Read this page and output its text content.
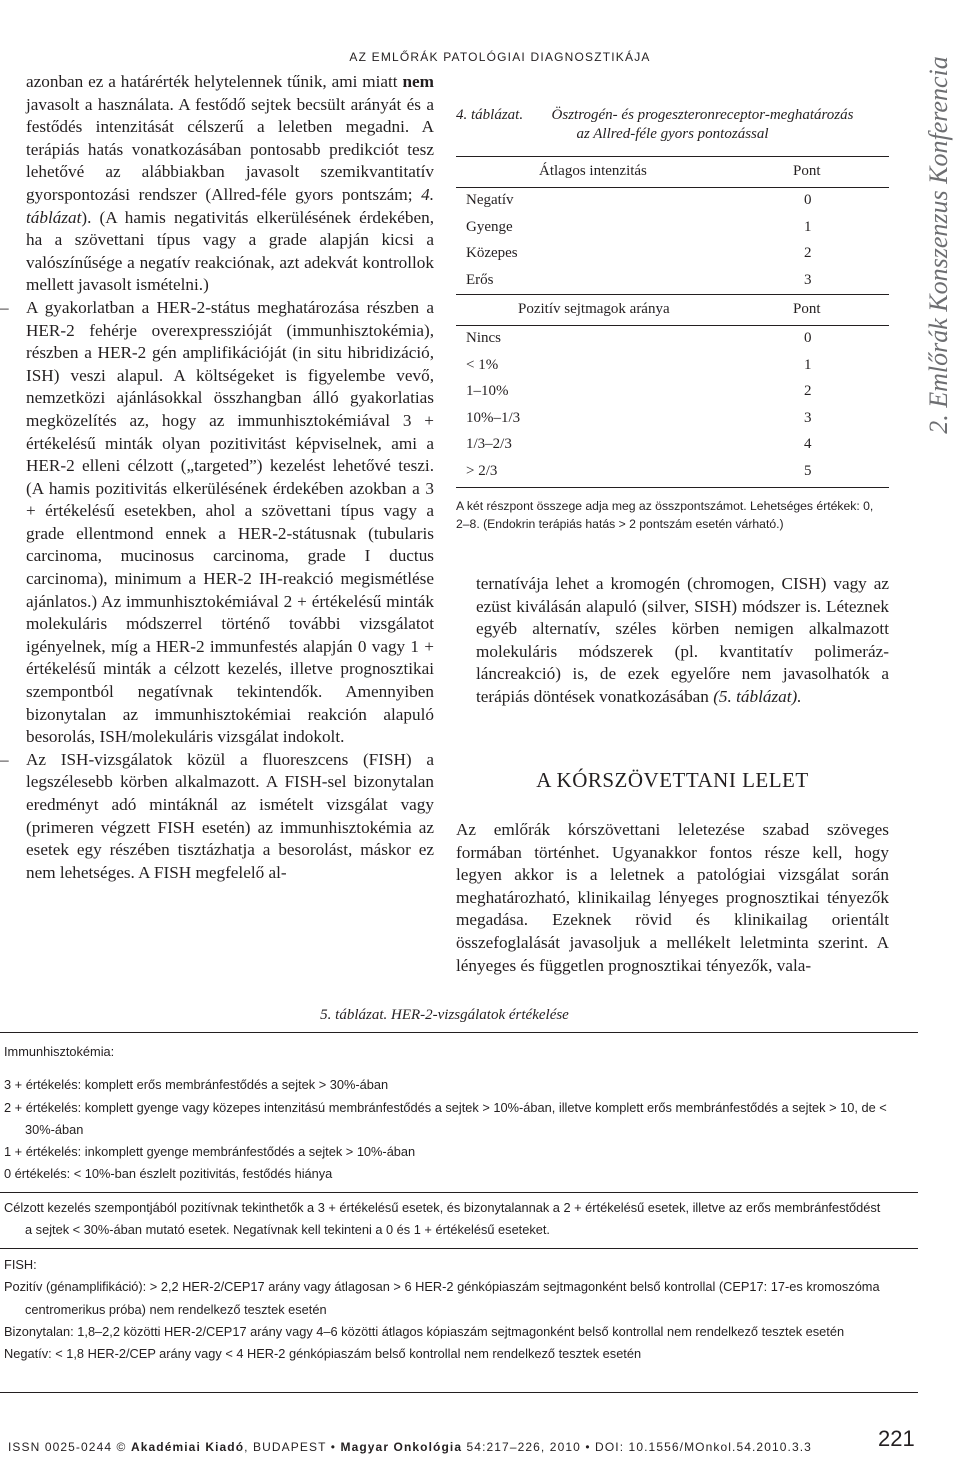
AZ EMLŐRÁK PATOLÓGIAI DIAGNOSZTIKÁJA	2. Emlőrák Konszenzus Konferencia

azonban ez a határérték helytelennek tűnik, ami miatt nem javasolt a használata. A festődő sejtek becsült arányát és a festődés intenzitását célszerű a leletben megadni. A terápiás hatás vonatkozásában pontosabb predikciót tesz lehetővé az alábbiakban javasolt szemikvantitatív gyorspontozási rendszer (Allred-féle gyors pontszám; 4. táblázat). (A hamis negativitás elkerülésének érdekében, ha a szövettani típus vagy a grade alapján kicsi a valószínűsége a negatív reakciónak, azt adekvát kontrollok mellett javasolt ismételni.)

– A gyakorlatban a HER-2-státus meghatározása részben a HER-2 fehérje overexpresszióját (immunhisztokémia), részben a HER-2 gén amplifikációját (in situ hibridizáció, ISH) veszi alapul. A költségeket is figyelembe vevő, nemzetközi ajánlásokkal összhangban álló gyakorlatias megközelítés az, hogy az immunhisztokémiával 3 + értékelésű minták olyan pozitivitást képviselnek, ami a HER-2 elleni célzott („targeted”) kezelést lehetővé teszi. (A hamis pozitivitás elkerülésének érdekében azokban a 3 + értékelésű esetekben, ahol a szövettani típus vagy a grade ellentmond ennek a HER-2-státusnak (tubularis carcinoma, mucinosus carcinoma, grade I ductus carcinoma), minimum a HER-2 IH-reakció megismétlése ajánlatos.) Az immunhisztokémiával 2 + értékelésű minták molekuláris módszerrel történő további vizsgálatot igényelnek, míg a HER-2 immunfestés alapján 0 vagy 1 + értékelésű minták a célzott kezelés, illetve prognosztikai szempontból negatívnak tekintendők. Amennyiben bizonytalan az immunhisztokémiai reakción alapuló besorolás, ISH/molekuláris vizsgálat indokolt.

– Az ISH-vizsgálatok közül a fluoreszcens (FISH) a legszélesebb körben alkalmazott. A FISH-sel bizonytalan eredményt adó mintáknál az ismételt vizsgálat vagy (primeren végzett FISH esetén) az immunhisztokémia az esetek egy részében tisztázhatja a besorolást, máskor ez nem lehetséges. A FISH megfelelő al-

4. táblázat.	Ösztrogén- és progeszteronreceptor-meghatározás
az Allred-féle gyors pontozással
Átlagos intenzitás	Pont
Negatív	0
Gyenge	1
Közepes	2
Erős	3
Pozitív sejtmagok aránya	Pont
Nincs	0
< 1%	1
1–10%	2
10%–1/3	3
1/3–2/3	4
> 2/3	5
A két részpont összege adja meg az összpontszámot. Lehetséges értékek: 0, 2–8. (Endokrin terápiás hatás > 2 pontszám esetén várható.)

ternatívája lehet a kromogén (chromogen, CISH) vagy az ezüst kiválásán alapuló (silver, SISH) módszer is. Léteznek egyéb alternatív, széles körben nemigen alkalmazott molekuláris módszerek (pl. kvantitatív polimeráz-láncreakció) is, de ezek egyelőre nem javasolhatók a terápiás döntések vonatkozásában (5. táblázat).

A KÓRSZÖVETTANI LELET

Az emlőrák kórszövettani leletezése szabad szöveges formában történhet. Ugyanakkor fontos része kell, hogy legyen akkor is a leletnek a patológiai vizsgálat során meghatározható, klinikailag lényeges prognosztikai tényezők megadása. Ezeknek rövid és klinikailag orientált összefoglalását javasoljuk a mellékelt leletminta szerint. A lényeges és független prognosztikai tényezők, vala-

5. táblázat. HER-2-vizsgálatok értékelése

Immunhisztokémia:

3 + értékelés: komplett erős membránfestődés a sejtek > 30%-ában

2 + értékelés: komplett gyenge vagy közepes intenzitású membránfestődés a sejtek > 10%-ában, illetve komplett erős membránfestődés a sejtek > 10, de < 30%-ában

1 + értékelés: inkomplett gyenge membránfestődés a sejtek > 10%-ában

0 értékelés: < 10%-ban észlelt pozitivitás, festődés hiánya

Célzott kezelés szempontjából pozitívnak tekinthetők a 3 + értékelésű esetek, és bizonytalannak a 2 + értékelésű esetek, illetve az erős membránfestődést a sejtek < 30%-ában mutató esetek. Negatívnak kell tekinteni a 0 és 1 + értékelésű eseteket.

FISH:

Pozitív (génamplifikáció): > 2,2 HER-2/CEP17 arány vagy átlagosan > 6 HER-2 génkópiaszám sejtmagonként belső kontrollal (CEP17: 17-es kromoszóma centromerikus próba) nem rendelkező tesztek esetén

Bizonytalan: 1,8–2,2 közötti HER-2/CEP17 arány vagy 4–6 közötti átlagos kópiaszám sejtmagonként belső kontrollal nem rendelkező tesztek esetén

Negatív: < 1,8 HER-2/CEP arány vagy < 4 HER-2 génkópiaszám belső kontrollal nem rendelkező tesztek esetén

ISSN 0025-0244 © Akadémiai Kiadó, BUDAPEST • Magyar Onkológia 54:217–226, 2010 • DOI: 10.1556/MOnkol.54.2010.3.3	221
